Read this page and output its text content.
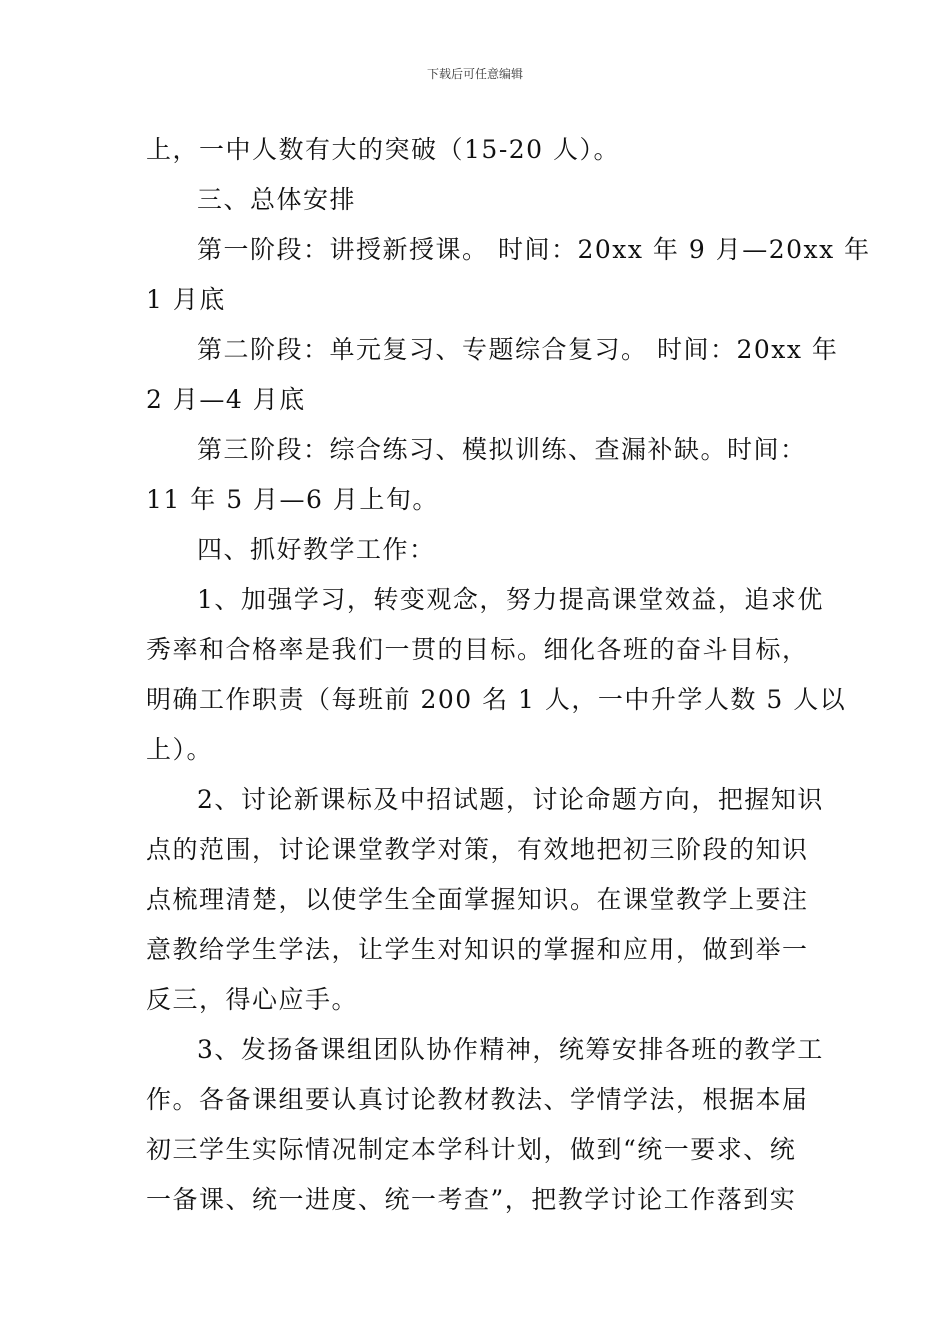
下载后可任意编辑
上，一中人数有大的突破（15-20 人）。
三、总体安排
第一阶段：讲授新授课。 时间：20xx 年 9 月—20xx 年
1 月底
第二阶段：单元复习、专题综合复习。 时间：20xx 年
2 月—4 月底
第三阶段：综合练习、模拟训练、查漏补缺。时间：
11 年 5 月—6 月上旬。
四、抓好教学工作：
1、加强学习，转变观念，努力提高课堂效益，追求优
秀率和合格率是我们一贯的目标。细化各班的奋斗目标，
明确工作职责（每班前 200 名 1 人，一中升学人数 5 人以
上）。
2、讨论新课标及中招试题，讨论命题方向，把握知识
点的范围，讨论课堂教学对策，有效地把初三阶段的知识
点梳理清楚，以使学生全面掌握知识。在课堂教学上要注
意教给学生学法，让学生对知识的掌握和应用，做到举一
反三，得心应手。
3、发扬备课组团队协作精神，统筹安排各班的教学工
作。各备课组要认真讨论教材教法、学情学法，根据本届
初三学生实际情况制定本学科计划，做到“统一要求、统
一备课、统一进度、统一考查”，把教学讨论工作落到实
